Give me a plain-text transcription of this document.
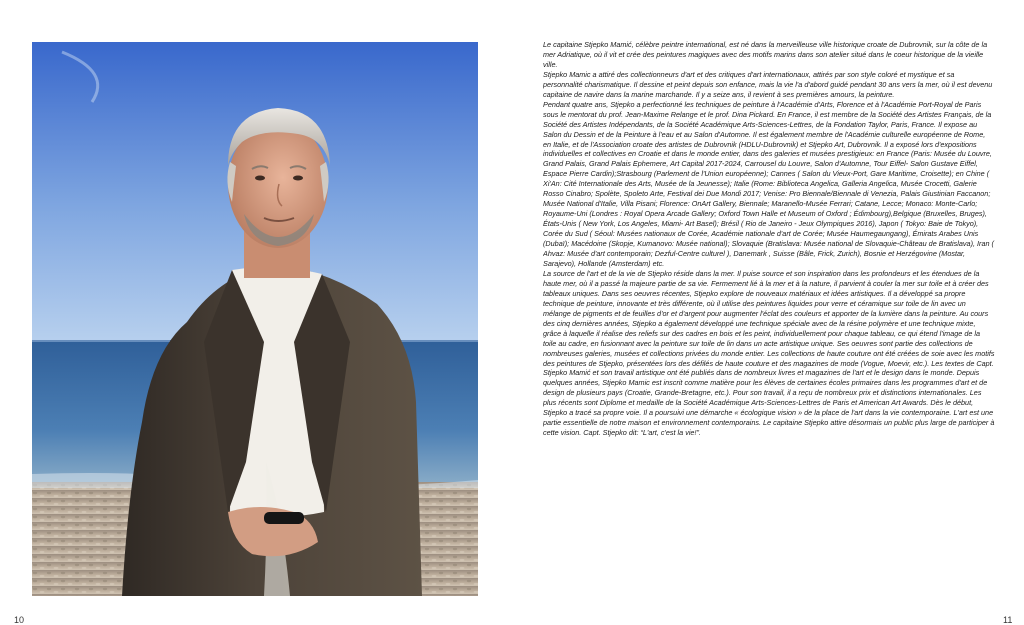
Le capitaine Stjepko Mamić, célèbre peintre international, est né dans la merveilleuse ville historique croate de Dubrovnik, sur la côte de la mer Adriatique, où il vit et crée des peintures magiques avec des motifs marins dans son atelier situé dans le coeur historique de la vieille ville.

Stjepko Mamic a attiré des collectionneurs d'art et des critiques d'art internationaux, attirés par son style coloré et mystique et sa personnalité charismatique. Il dessine et peint depuis son enfance, mais la vie l'a d'abord guidé pendant 30 ans vers la mer, où il est devenu capitaine de navire dans la marine marchande. Il y a seize ans, il revient à ses premières amours, la peinture.

Pendant quatre ans, Stjepko a perfectionné les techniques de peinture à l'Académie d'Arts, Florence et à l'Académie Port-Royal de Paris sous le mentorat du prof. Jean-Maxime Relange et le prof. Dina Pickard. En France, il est membre de la Société des Artistes Français, de la Société des Artistes Indépendants, de la Société Académique Arts-Sciences-Lettres, de la Fondation Taylor, Paris, France. Il expose au Salon du Dessin et de la Peinture à l'eau et au Salon d'Automne. Il est également membre de l'Académie culturelle européenne de Rome, en Italie, et de l'Association croate des artistes de Dubrovnik (HDLU-Dubrovnik) et Stjepko Art, Dubrovnik. Il a exposé lors d'expositions individuelles et collectives en Croatie et dans le monde entier, dans des galeries et musées prestigieux: en France (Paris: Musée du Louvre, Grand Palais, Grand Palais Ephemere, Art Capital 2017-2024, Carrousel du Louvre, Salon d'Automne, Tour Eiffel- Salon Gustave Eiffel, Espace Pierre Cardin);Strasbourg (Parlement de l'Union européenne); Cannes ( Salon du Vieux-Port, Gare Maritime, Croisette); en Chine ( Xi'An: Cité Internationale des Arts, Musée de la Jeunesse); Italie (Rome: Biblioteca Angelica, Galleria Angelica, Musée Crocetti, Galerie Rosso Cinabro; Spolète, Spoleto Arte, Festival dei Due Mondi 2017; Venise: Pro Biennale/Biennale di Venezia, Palais Giustinian Faccanon; Musée National d'Italie, Villa Pisani; Florence: OnArt Gallery, Biennale; Maranello-Musée Ferrari; Catane, Lecce; Monaco: Monte-Carlo; Royaume-Uni (Londres : Royal Opera Arcade Gallery; Oxford Town Halle et Museum of Oxford ; Édimbourg),Belgique (Bruxelles, Bruges), États-Unis ( New York, Los Angeles, Miami- Art Basel); Brésil ( Rio de Janeiro - Jeux Olympiques 2016), Japon ( Tokyo: Baie de Tokyo), Corée du Sud ( Séoul: Musées nationaux de Corée, Académie nationale d'art de Corée; Musée Haumegaungang), Émirats Arabes Unis (Dubaï); Macédoine (Skopje, Kumanovo: Musée national); Slovaquie (Bratislava: Musée national de Slovaquie-Château de Bratislava), Iran ( Ahvaz: Musée d'art contemporain; Dezful-Centre culturel ), Danemark , Suisse (Bâle, Frick, Zurich), Bosnie et Herzégovine (Mostar, Sarajevo), Hollande (Amsterdam) etc.

La source de l'art et de la vie de Stjepko réside dans la mer. Il puise source et son inspiration dans les profondeurs et les étendues de la haute mer, où il a passé la majeure partie de sa vie. Fermement lié à la mer et à la nature, il parvient à couler la mer sur toile et à créer des tableaux uniques. Dans ses oeuvres récentes, Stjepko explore de nouveaux matériaux et idées artistiques. Il a développé sa propre technique de peinture, innovante et très différente, où il utilise des peintures liquides pour verre et céramique sur toile de lin avec un mélange de pigments et de feuilles d'or et d'argent pour augmenter l'éclat des couleurs et apporter de la lumière dans la peinture. Au cours des cinq dernières années, Stjepko a également développé une technique spéciale avec de la résine polymère et une technique mixte, grâce à laquelle il réalise des reliefs sur des cadres en bois et les peint, individuellement pour chaque tableau, ce qui étend l'image de la toile au cadre, en fusionnant avec la peinture sur toile de lin dans un acte artistique unique. Ses oeuvres sont partie des collections de nombreuses galeries, musées et collections privées du monde entier. Les collections de haute couture ont été créées de soie avec les motifs des peintures de Stjepko, présentées lors des défilés de haute couture et des magazines de mode (Vogue, Moevir, etc.). Les textes de Capt. Stjepko Mamić et son travail artistique ont été publiés dans de nombreux livres et magazines de l'art et le design dans le monde. Depuis quelques années, Stjepko Mamic est inscrit comme matière pour les élèves de certaines écoles primaires dans les programmes d'art et de design de plusieurs pays (Croatie, Grande-Bretagne, etc.). Pour son travail, il a reçu de nombreux prix et distinctions internationales. Les plus récents sont Diplome et medaille de la Société Académique Arts-Sciences-Lettres de Paris et American Art Awards. Dès le début, Stjepko a tracé sa propre voie. Il a poursuivi une démarche « écologique vision » de la place de l'art dans la vie contemporaine. L'art est une partie essentielle de notre maison et environnement contemporains. Le capitaine Stjepko attire désormais un public plus large de participer à cette vision. Capt. Stjepko dit: “L'art, c'est la vie!”.

10	11
